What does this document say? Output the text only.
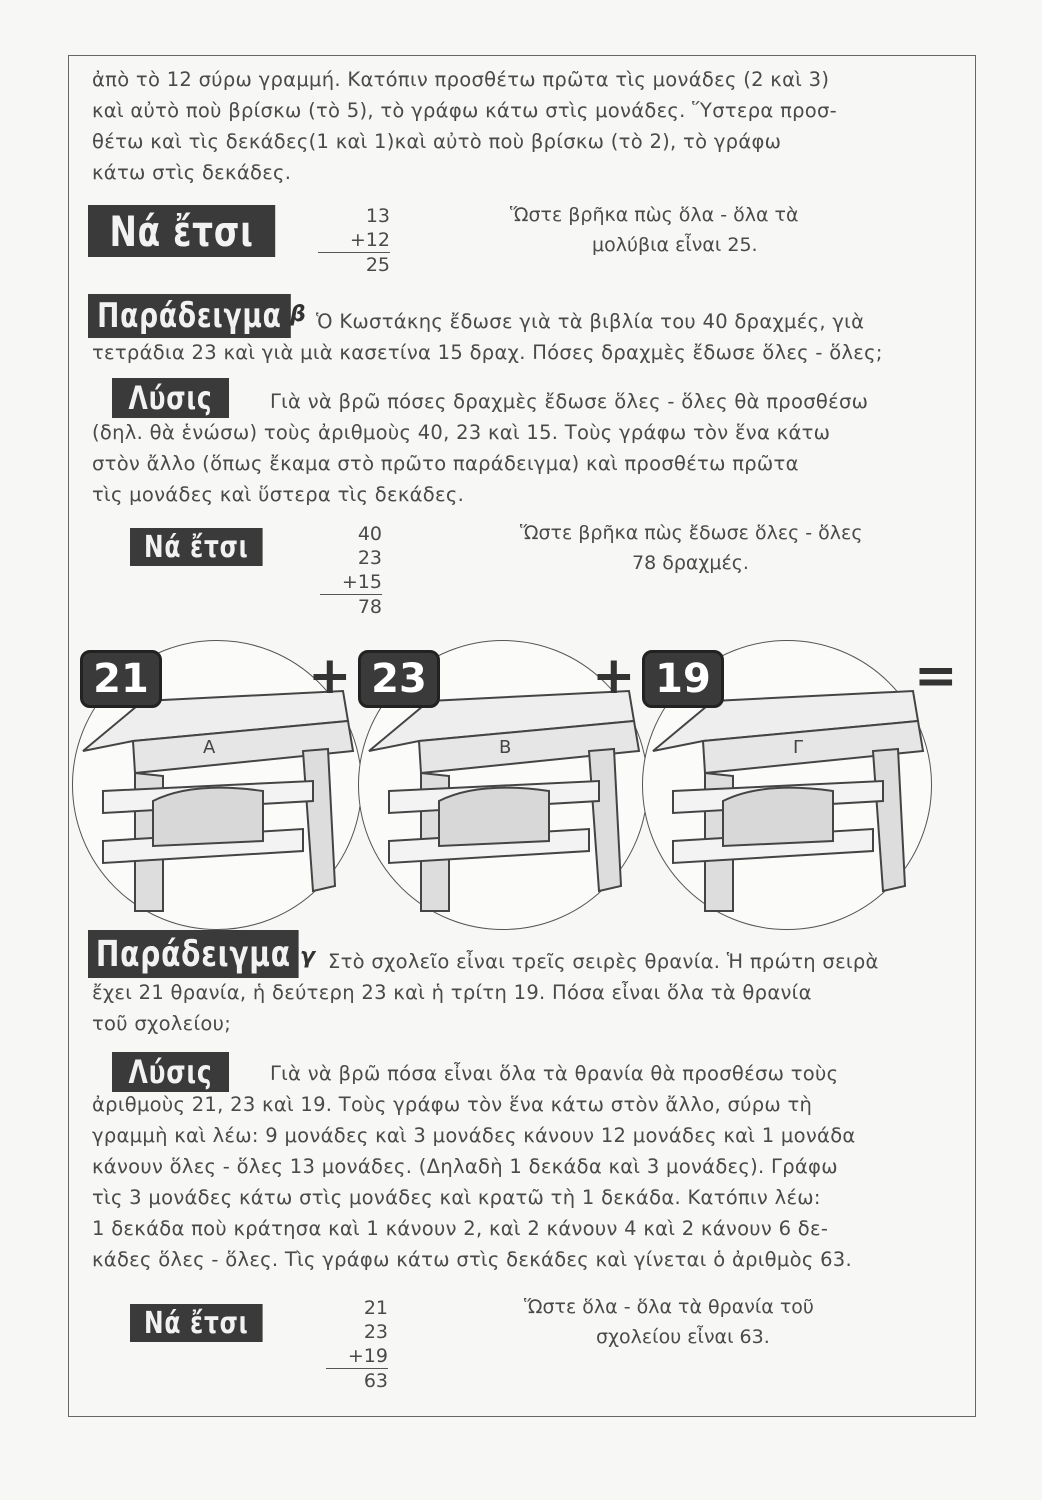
ἀπὸ τὸ 12 σύρω γραμμή. Κατόπιν προσθέτω πρῶτα τὶς μονάδες (2 καὶ 3)
καὶ αὐτὸ ποὺ βρίσκω (τὸ 5), τὸ γράφω κάτω στὶς μονάδες. Ὕστερα προσ-
θέτω καὶ τὶς δεκάδες(1 καὶ 1)καὶ αὐτὸ ποὺ βρίσκω (τὸ 2), τὸ γράφω
κάτω στὶς δεκάδες.
Νά ἔτσι	13
+12
25
Ὥστε βρῆκα πὼς ὅλα - ὅλα τὰ
μολύβια εἶναι 25.
Παράδειγμα β Ὁ Κωστάκης ἔδωσε γιὰ τὰ βιβλία του 40 δραχμές, γιὰ
τετράδια 23 καὶ γιὰ μιὰ κασετίνα 15 δραχ. Πόσες δραχμὲς ἔδωσε ὅλες - ὅλες;
Λύσις	Γιὰ νὰ βρῶ πόσες δραχμὲς ἔδωσε ὅλες - ὅλες θὰ προσθέσω
(δηλ. θὰ ἑνώσω) τοὺς ἀριθμοὺς 40, 23 καὶ 15. Τοὺς γράφω τὸν ἕνα κάτω
στὸν ἄλλο (ὅπως ἔκαμα στὸ πρῶτο παράδειγμα) καὶ προσθέτω πρῶτα
τὶς μονάδες καὶ ὕστερα τὶς δεκάδες.
Νά ἔτσι	40
23
+15
78
Ὥστε βρῆκα πὼς ἔδωσε ὅλες - ὅλες
78 δραχμές.
Α	Β	Γ
21	+ 23	+ 19	=
Παράδειγμα γ Στὸ σχολεῖο εἶναι τρεῖς σειρὲς θρανία. Ἡ πρώτη σειρὰ
ἔχει 21 θρανία, ἡ δεύτερη 23 καὶ ἡ τρίτη 19. Πόσα εἶναι ὅλα τὰ θρανία
τοῦ σχολείου;
Λύσις	Γιὰ νὰ βρῶ πόσα εἶναι ὅλα τὰ θρανία θὰ προσθέσω τοὺς
ἀριθμοὺς 21, 23 καὶ 19. Τοὺς γράφω τὸν ἕνα κάτω στὸν ἄλλο, σύρω τὴ
γραμμὴ καὶ λέω: 9 μονάδες καὶ 3 μονάδες κάνουν 12 μονάδες καὶ 1 μονάδα
κάνουν ὅλες - ὅλες 13 μονάδες. (Δηλαδὴ 1 δεκάδα καὶ 3 μονάδες). Γράφω
τὶς 3 μονάδες κάτω στὶς μονάδες καὶ κρατῶ τὴ 1 δεκάδα. Κατόπιν λέω:
1 δεκάδα ποὺ κράτησα καὶ 1 κάνουν 2, καὶ 2 κάνουν 4 καὶ 2 κάνουν 6 δε-
κάδες ὅλες - ὅλες. Τὶς γράφω κάτω στὶς δεκάδες καὶ γίνεται ὁ ἀριθμὸς 63.
Νά ἔτσι	21
23
+19
63
Ὥστε ὅλα - ὅλα τὰ θρανία τοῦ
σχολείου εἶναι 63.
